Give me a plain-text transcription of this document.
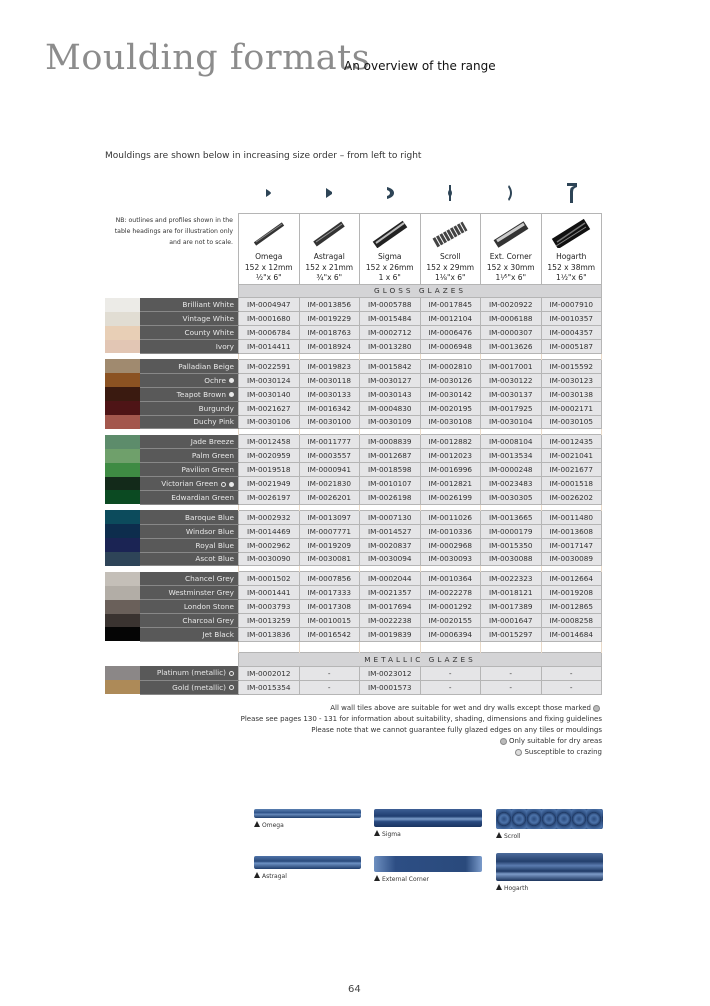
Moulding formats
An overview of the range
Mouldings are shown below in increasing size order – from left to right
NB: outlines and profiles shown in the table headings are for illustration only and are not to scale.

Omega
152 x 12mm
½"x 6"

Astragal
152 x 21mm
¾"x 6"

Sigma
152 x 26mm
1 x 6"

Scroll
152 x 29mm
1⅛"x 6"

Ext. Corner
152 x 30mm
1¹⁄⁵"x 6"

Hogarth
152 x 38mm
1¹⁄₂"x 6"

		GLOSS GLAZES					
	Brilliant White	IM-0004947	IM-0013856	IM-0005788	IM-0017845	IM-0020922	IM-0007910
	Vintage White	IM-0001680	IM-0019229	IM-0015484	IM-0012104	IM-0006188	IM-0010357
	County White	IM-0006784	IM-0018763	IM-0002712	IM-0006476	IM-0000307	IM-0004357
	Ivory	IM-0014411	IM-0018924	IM-0013280	IM-0006948	IM-0013626	IM-0005187

	Palladian Beige	IM-0022591	IM-0019823	IM-0015842	IM-0002810	IM-0017001	IM-0015592
	Ochre	IM-0030124	IM-0030118	IM-0030127	IM-0030126	IM-0030122	IM-0030123
	Teapot Brown	IM-0030140	IM-0030133	IM-0030143	IM-0030142	IM-0030137	IM-0030138
	Burgundy	IM-0021627	IM-0016342	IM-0004830	IM-0020195	IM-0017925	IM-0002171
	Duchy Pink	IM-0030106	IM-0030100	IM-0030109	IM-0030108	IM-0030104	IM-0030105

	Jade Breeze	IM-0012458	IM-0011777	IM-0008839	IM-0012882	IM-0008104	IM-0012435
	Palm Green	IM-0020959	IM-0003557	IM-0012687	IM-0012023	IM-0013534	IM-0021041
	Pavilion Green	IM-0019518	IM-0000941	IM-0018598	IM-0016996	IM-0000248	IM-0021677
	Victorian Green	IM-0021949	IM-0021830	IM-0010107	IM-0012821	IM-0023483	IM-0001518
	Edwardian Green	IM-0026197	IM-0026201	IM-0026198	IM-0026199	IM-0030305	IM-0026202

	Baroque Blue	IM-0002932	IM-0013097	IM-0007130	IM-0011026	IM-0013665	IM-0011480
	Windsor Blue	IM-0014469	IM-0007771	IM-0014527	IM-0010336	IM-0000179	IM-0013608
	Royal Blue	IM-0002962	IM-0019209	IM-0020837	IM-0002968	IM-0015350	IM-0017147
	Ascot Blue	IM-0030090	IM-0030081	IM-0030094	IM-0030093	IM-0030088	IM-0030089

	Chancel Grey	IM-0001502	IM-0007856	IM-0002044	IM-0010364	IM-0022323	IM-0012664
	Westminster Grey	IM-0001441	IM-0017333	IM-0021357	IM-0022278	IM-0018121	IM-0019208
	London Stone	IM-0003793	IM-0017308	IM-0017694	IM-0001292	IM-0017389	IM-0012865
	Charcoal Grey	IM-0013259	IM-0010015	IM-0022238	IM-0020155	IM-0001647	IM-0008258
	Jet Black	IM-0013836	IM-0016542	IM-0019839	IM-0006394	IM-0015297	IM-0014684

		METALLIC GLAZES					
	Platinum (metallic)	IM-0002012	-	IM-0023012	-	-	-
	Gold (metallic)	IM-0015354	-	IM-0001573	-	-	-
All wall tiles above are suitable for wet and dry walls except those marked
Please see pages 130 - 131 for information about suitability, shading, dimensions and fixing guidelines
Please note that we cannot guarantee fully glazed edges on any tiles or mouldings
Only suitable for dry areas
Susceptible to crazing
Omega
Sigma	Scroll
Astragal	External Corner
Hogarth
64
